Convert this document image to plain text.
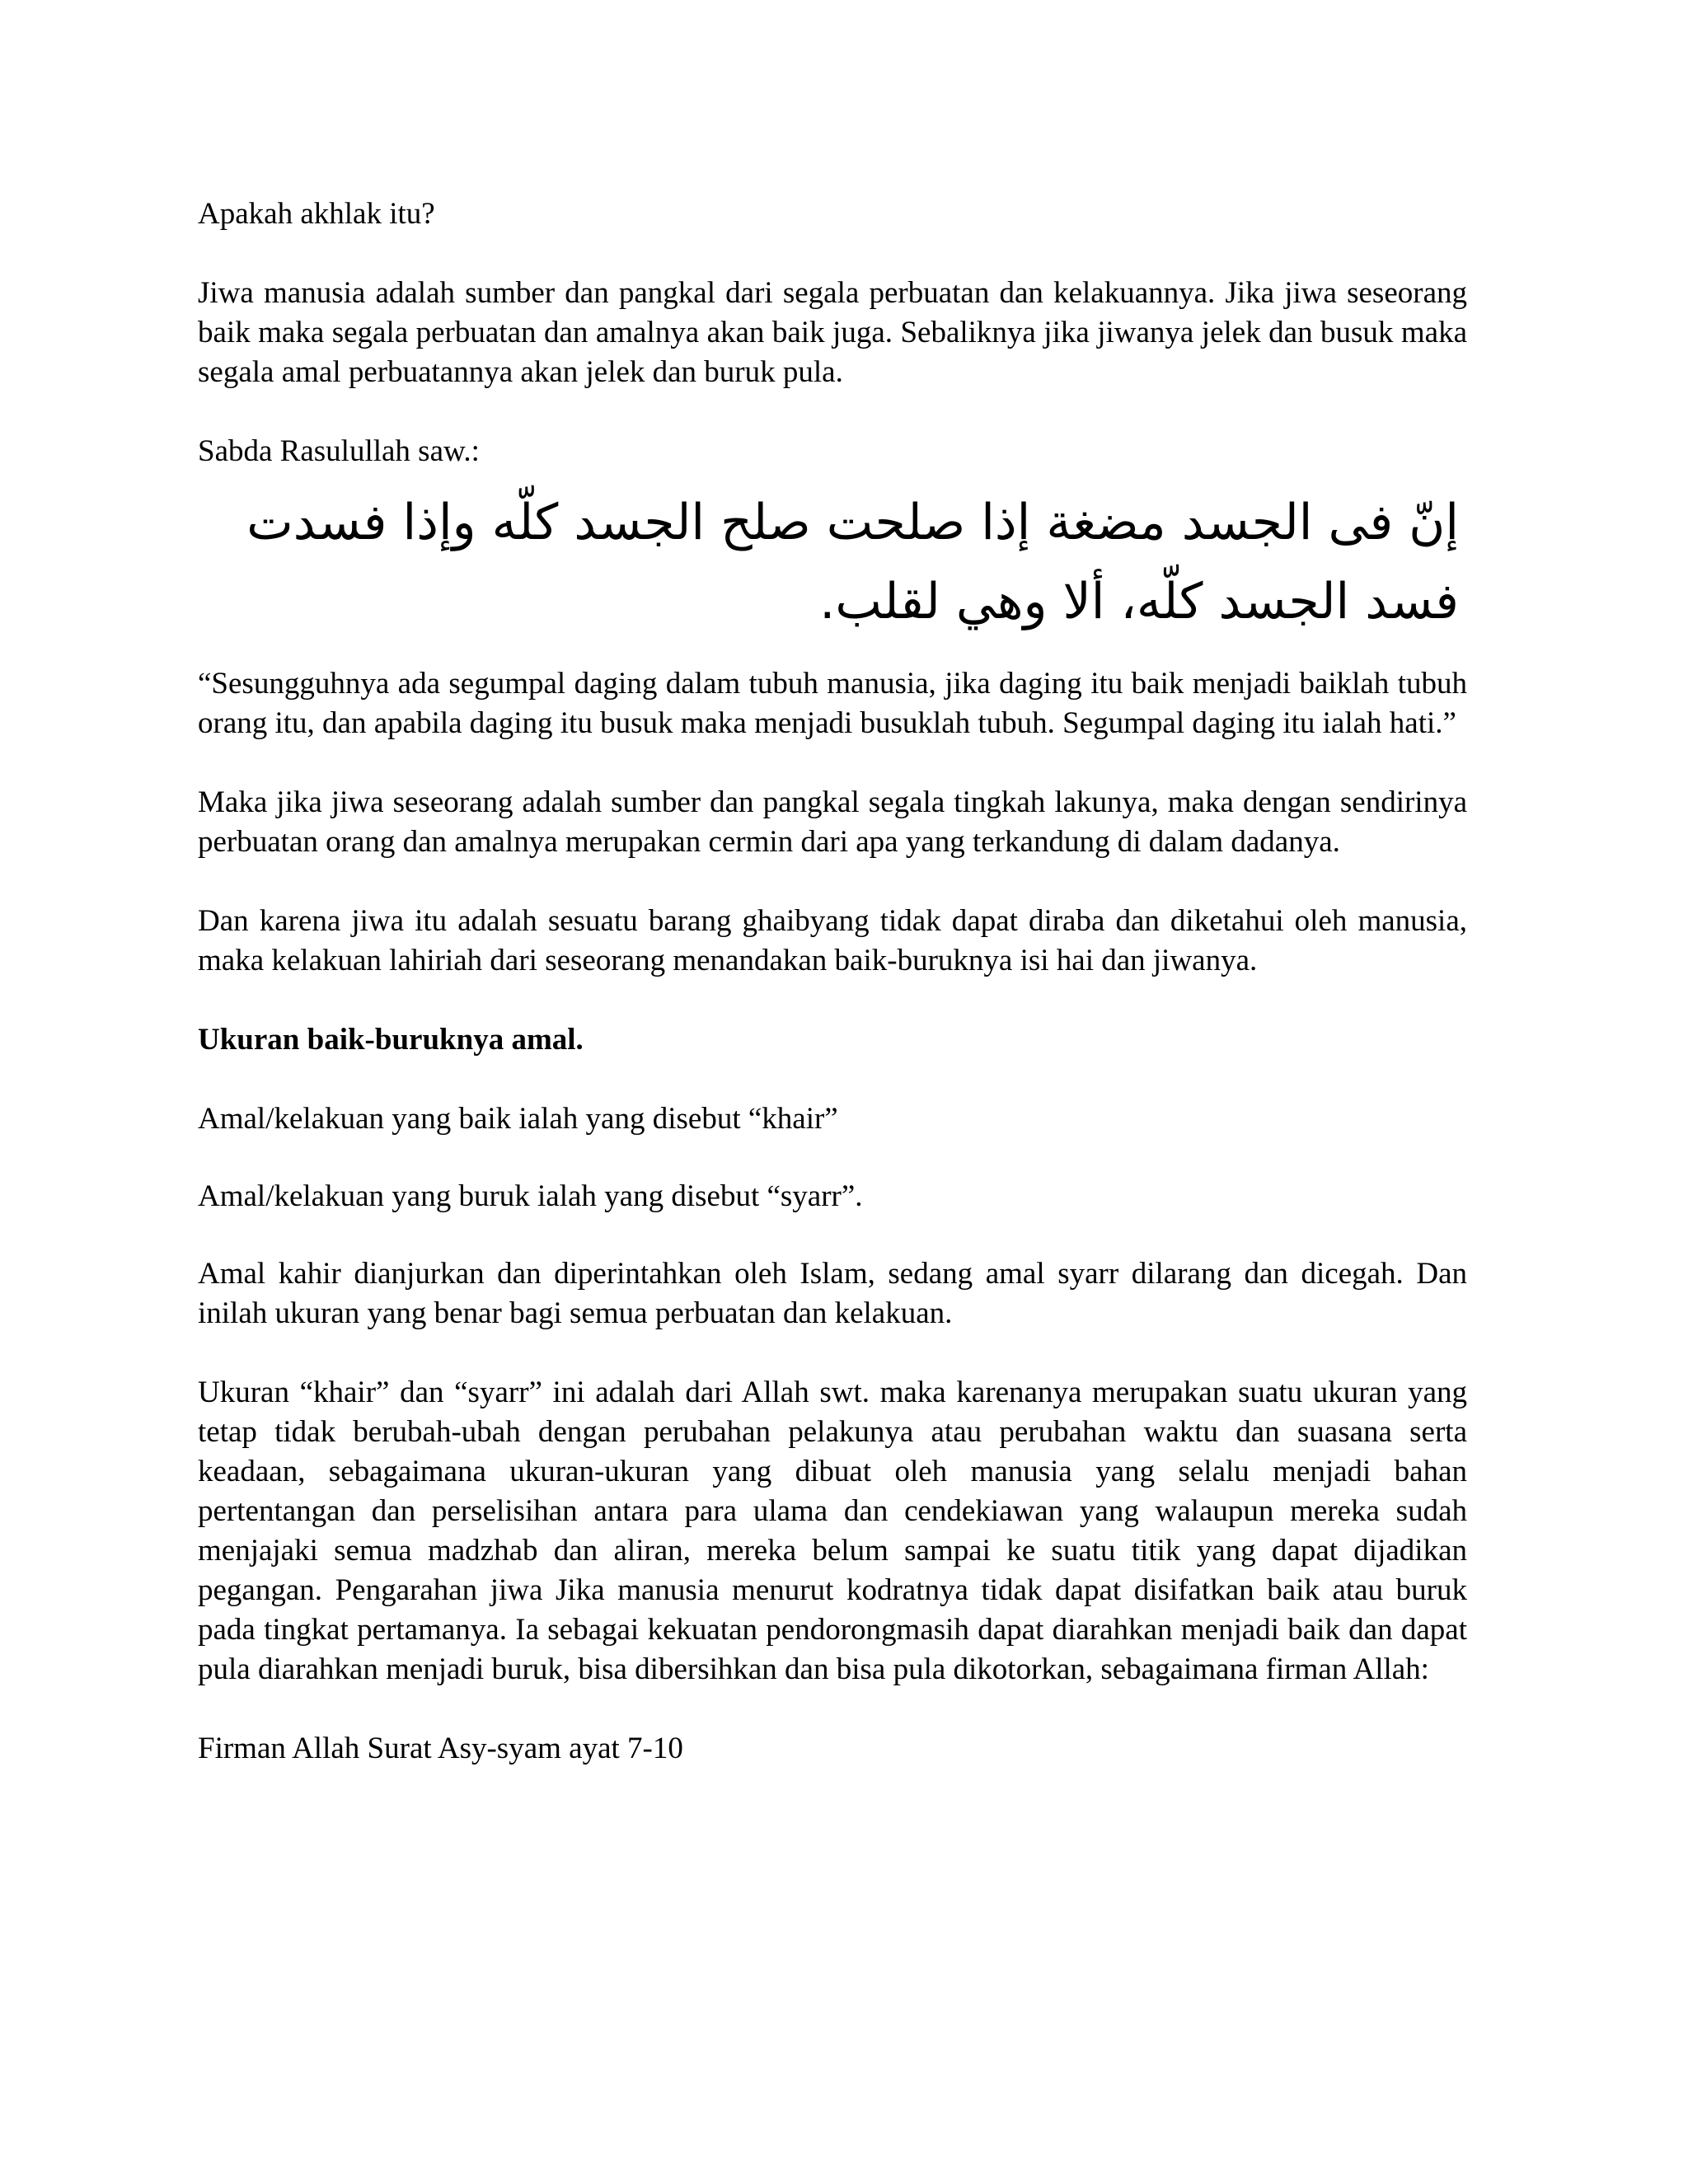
Apakah akhlak itu?

Jiwa manusia adalah sumber dan pangkal dari segala perbuatan dan kelakuannya. Jika jiwa seseorang baik maka segala perbuatan dan amalnya akan baik juga. Sebaliknya jika jiwanya jelek dan busuk maka segala amal perbuatannya akan jelek dan buruk pula.

Sabda Rasulullah saw.:

إنّ فى الجسد مضغة إذا صلحت صلح الجسد كلّه وإذا فسدت

فسد الجسد كلّه، ألا وهي لقلب.

“Sesungguhnya ada segumpal daging dalam tubuh manusia, jika daging itu baik menjadi baiklah tubuh orang itu, dan apabila daging itu busuk maka menjadi busuklah tubuh. Segumpal daging itu ialah hati.”

Maka jika jiwa seseorang adalah sumber dan pangkal segala tingkah lakunya, maka dengan sendirinya perbuatan orang dan amalnya merupakan cermin dari apa yang terkandung di dalam dadanya.

Dan karena jiwa itu adalah sesuatu barang ghaibyang tidak dapat diraba dan diketahui oleh manusia, maka kelakuan lahiriah dari seseorang menandakan baik-buruknya isi hai dan jiwanya.

Ukuran baik-buruknya amal.

Amal/kelakuan yang baik ialah yang disebut “khair”

Amal/kelakuan yang buruk ialah yang disebut “syarr”.

Amal kahir dianjurkan dan diperintahkan oleh Islam, sedang amal syarr dilarang dan dicegah. Dan inilah ukuran yang benar bagi semua perbuatan dan kelakuan.

Ukuran “khair” dan “syarr” ini adalah dari Allah swt. maka karenanya merupakan suatu ukuran yang tetap tidak berubah-ubah dengan perubahan pelakunya atau perubahan waktu dan suasana serta keadaan, sebagaimana ukuran-ukuran yang dibuat oleh manusia yang selalu menjadi bahan pertentangan dan perselisihan antara para ulama dan cendekiawan yang walaupun mereka sudah menjajaki semua madzhab dan aliran, mereka belum sampai ke suatu titik yang dapat dijadikan pegangan. Pengarahan jiwa Jika manusia menurut kodratnya tidak dapat disifatkan baik atau buruk pada tingkat pertamanya. Ia sebagai kekuatan pendorongmasih dapat diarahkan menjadi baik dan dapat pula diarahkan menjadi buruk, bisa dibersihkan dan bisa pula dikotorkan, sebagaimana firman Allah:

Firman Allah Surat Asy-syam ayat 7-10
